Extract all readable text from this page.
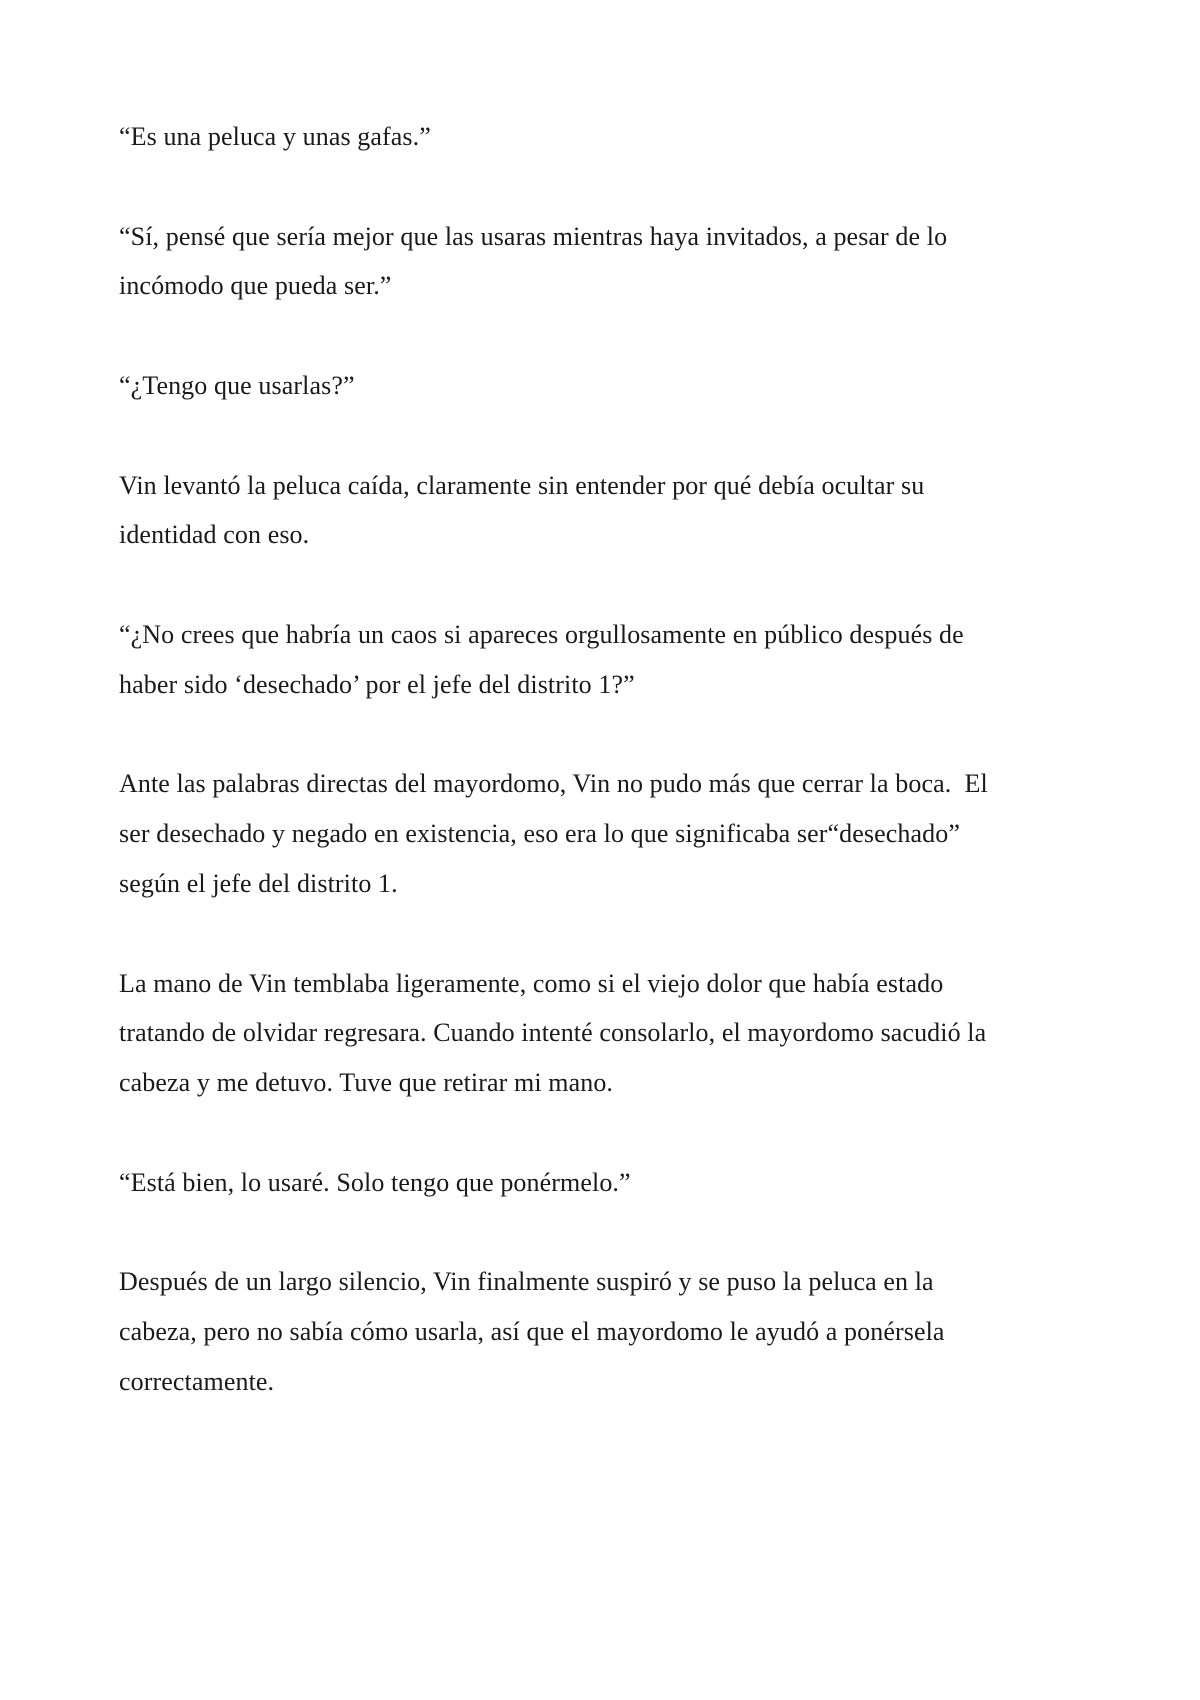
“Es una peluca y unas gafas.”

“Sí, pensé que sería mejor que las usaras mientras haya invitados, a pesar de lo incómodo que pueda ser.”

“¿Tengo que usarlas?”

Vin levantó la peluca caída, claramente sin entender por qué debía ocultar su identidad con eso.

“¿No crees que habría un caos si apareces orgullosamente en público después de haber sido ‘desechado’ por el jefe del distrito 1?”

Ante las palabras directas del mayordomo, Vin no pudo más que cerrar la boca.  El ser desechado y negado en existencia, eso era lo que significaba ser“desechado” según el jefe del distrito 1.

La mano de Vin temblaba ligeramente, como si el viejo dolor que había estado tratando de olvidar regresara. Cuando intenté consolarlo, el mayordomo sacudió la cabeza y me detuvo. Tuve que retirar mi mano.

“Está bien, lo usaré. Solo tengo que ponérmelo.”

Después de un largo silencio, Vin finalmente suspiró y se puso la peluca en la cabeza, pero no sabía cómo usarla, así que el mayordomo le ayudó a ponérsela correctamente.
